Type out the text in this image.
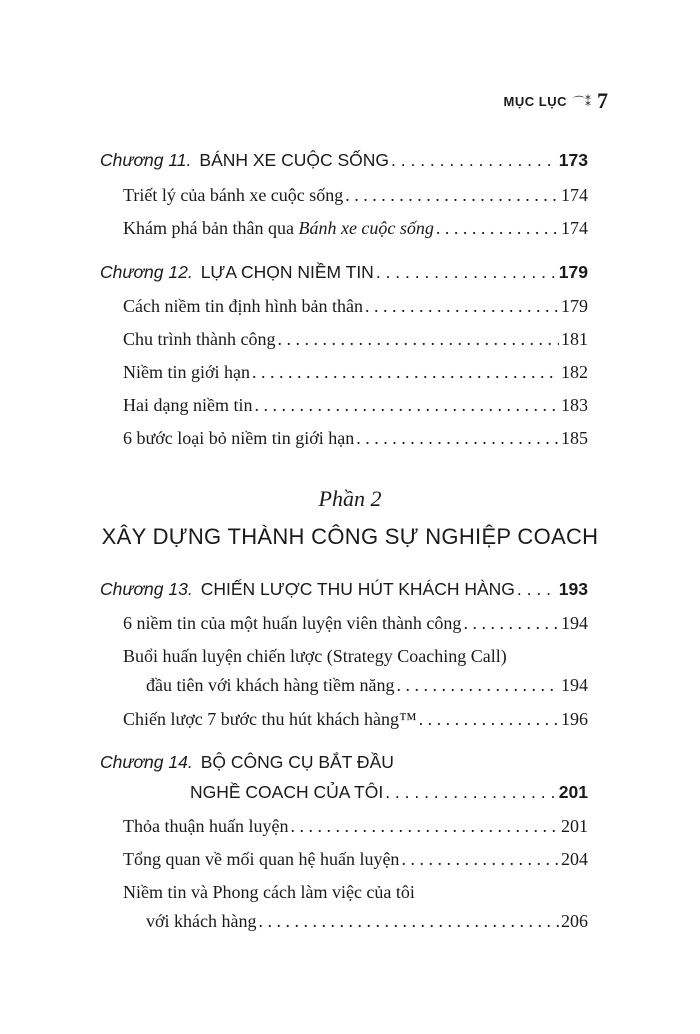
MỤC LỤC ⌒⁑ 7
Chương 11. BÁNH XE CUỘC SỐNG . . .	173
Triết lý của bánh xe cuộc sống . . .	174
Khám phá bản thân qua Bánh xe cuộc sống . . .	174
Chương 12. LỰA CHỌN NIỀM TIN . . .	179
Cách niềm tin định hình bản thân . . .	179
Chu trình thành công . . .	181
Niềm tin giới hạn . . .	182
Hai dạng niềm tin . . .	183
6 bước loại bỏ niềm tin giới hạn . . .	185
Phần 2
XÂY DỰNG THÀNH CÔNG SỰ NGHIỆP COACH
Chương 13. CHIẾN LƯỢC THU HÚT KHÁCH HÀNG . . .	193
6 niềm tin của một huấn luyện viên thành công . . .	194
Buổi huấn luyện chiến lược (Strategy Coaching Call)
đầu tiên với khách hàng tiềm năng . . .	194
Chiến lược 7 bước thu hút khách hàng™ . . .	196
Chương 14. BỘ CÔNG CỤ BẮT ĐẦU
NGHỀ COACH CỦA TÔI . . .	201
Thỏa thuận huấn luyện . . .	201
Tổng quan về mối quan hệ huấn luyện . . .	204
Niềm tin và Phong cách làm việc của tôi
với khách hàng . . .	206
